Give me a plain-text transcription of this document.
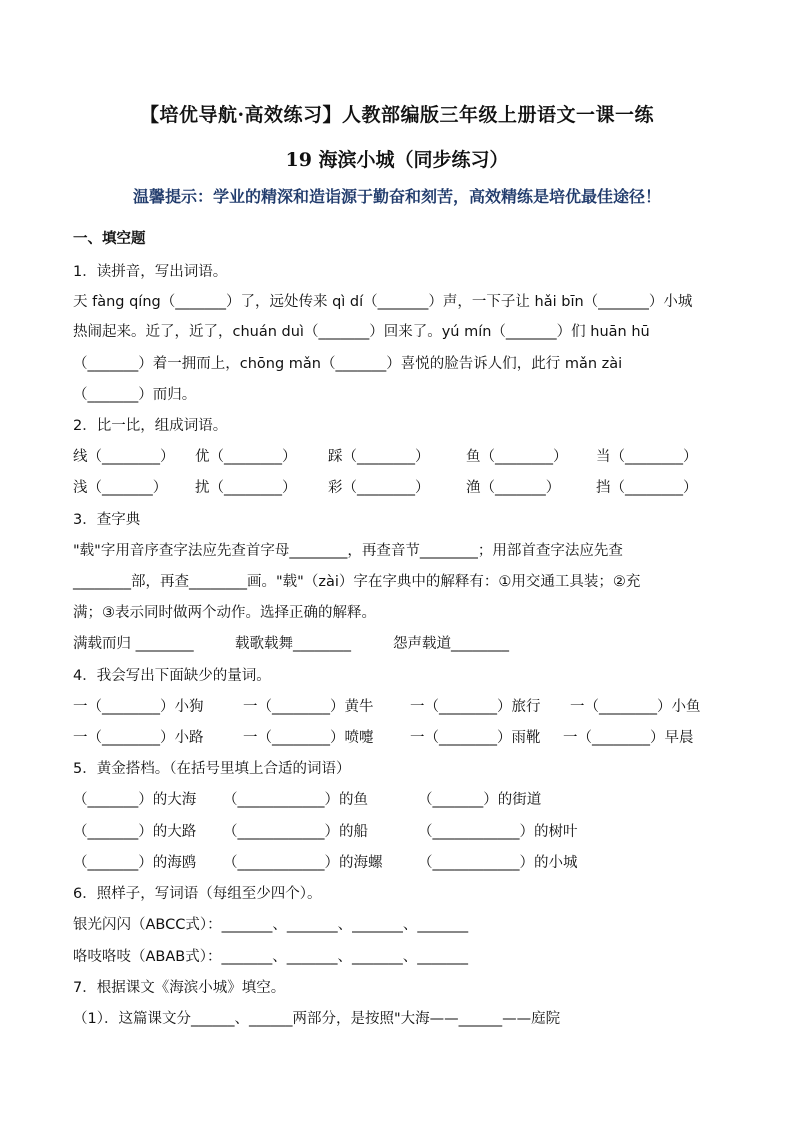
【培优导航·高效练习】人教部编版三年级上册语文一课一练
19 海滨小城（同步练习）
温馨提示：学业的精深和造诣源于勤奋和刻苦，高效精练是培优最佳途径！
一、填空题
1．读拼音，写出词语。
天 fàng qíng（_______）了，远处传来 qì dí（_______）声，一下子让 hǎi bīn（_______）小城
热闹起来。近了，近了，chuán duì（_______）回来了。yú mín（_______）们 huān hū
（_______）着一拥而上，chōng mǎn（_______）喜悦的脸告诉人们，此行 mǎn zài
（_______）而归。
2．比一比，组成词语。
线（________） 优（________） 踩（________）	鱼（________） 当（________）
浅（_______） 扰（________） 彩（________）	渔（_______） 挡（________）
3．查字典
"载"字用音序查字法应先查首字母________，再查音节________；用部首查字法应先查
________部，再查________画。"载"（zài）字在字典中的解释有：①用交通工具装；②充
满；③表示同时做两个动作。选择正确的解释。
满载而归 ________	载歌载舞________	怨声载道________
4．我会写出下面缺少的量词。
一（________）小狗	一（________）黄牛	一（________）旅行 一（________）小鱼
一（________）小路	一（________）喷嚏	一（________）雨靴 一（________）早晨
5．黄金搭档。（在括号里填上合适的词语）
（_______）的大海 （____________）的鱼	（_______）的街道
（_______）的大路 （____________）的船	（____________）的树叶
（_______）的海鸥 （____________）的海螺 （____________）的小城
6．照样子，写词语（每组至少四个）。
银光闪闪（ABCC式）：_______、_______、_______、_______
咯吱咯吱（ABAB式）：_______、_______、_______、_______
7．根据课文《海滨小城》填空。
（1）．这篇课文分______、______两部分，是按照"大海——______——庭院
